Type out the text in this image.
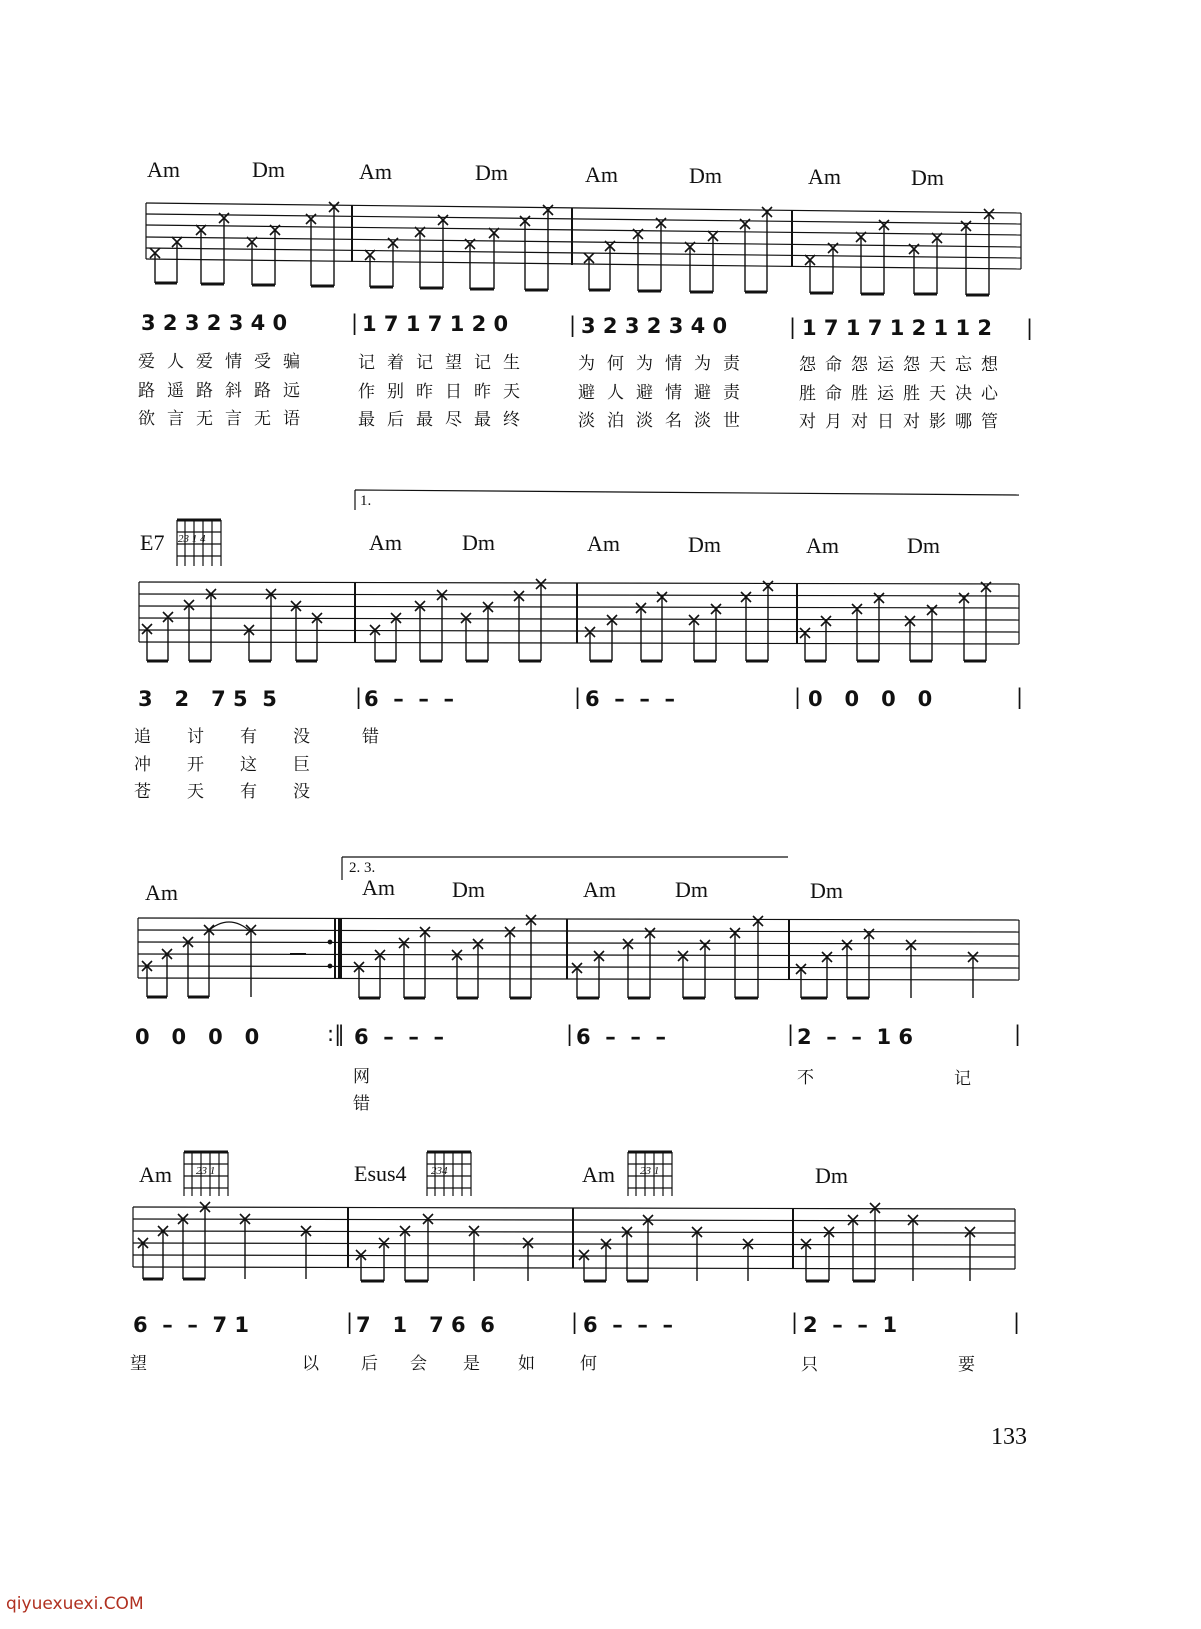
Am	Dm	Am	Dm	Am	Dm	Am	Dm
3 2 3 2 3 4 0	| 1 7 1 7 1 2 0	| 3 2 3 2 3 4 0	| 1 7 1 7 1 2 1 1 2 |
爱人爱情受骗	记着记望记生	为何为情为责	怨命怨运怨天忘想
路遥路斜路远	作别昨日昨天	避人避情避责	胜命胜运胜天决心
欲言无言无语	最后最尽最终	淡泊淡名淡世	对月对日对影哪管
1.
E7 23 1 4	Am	Dm	Am	Dm	Am	Dm
3   2   7 5  5	| 6  –  –  –	| 6  –  –  –	| 0   0   0   0	|
追讨有没 错
冲开这巨
苍天有没
2. 3.
Am	Am	Dm	Am	Dm	Dm
0   0   0   0	:‖ 6  –  –  –	| 6  –  –  –	| 2  –  –  1 6	|
网	不	记
错
Am 23 1	Esus4 234	Am 23 1	Dm
6  –  –  7 1	| 7   1   7 6  6	| 6  –  –  –	| 2  –  –  1	|
望	以 后 会 是 如	何	只	要
133
qiyuexuexi.COM
